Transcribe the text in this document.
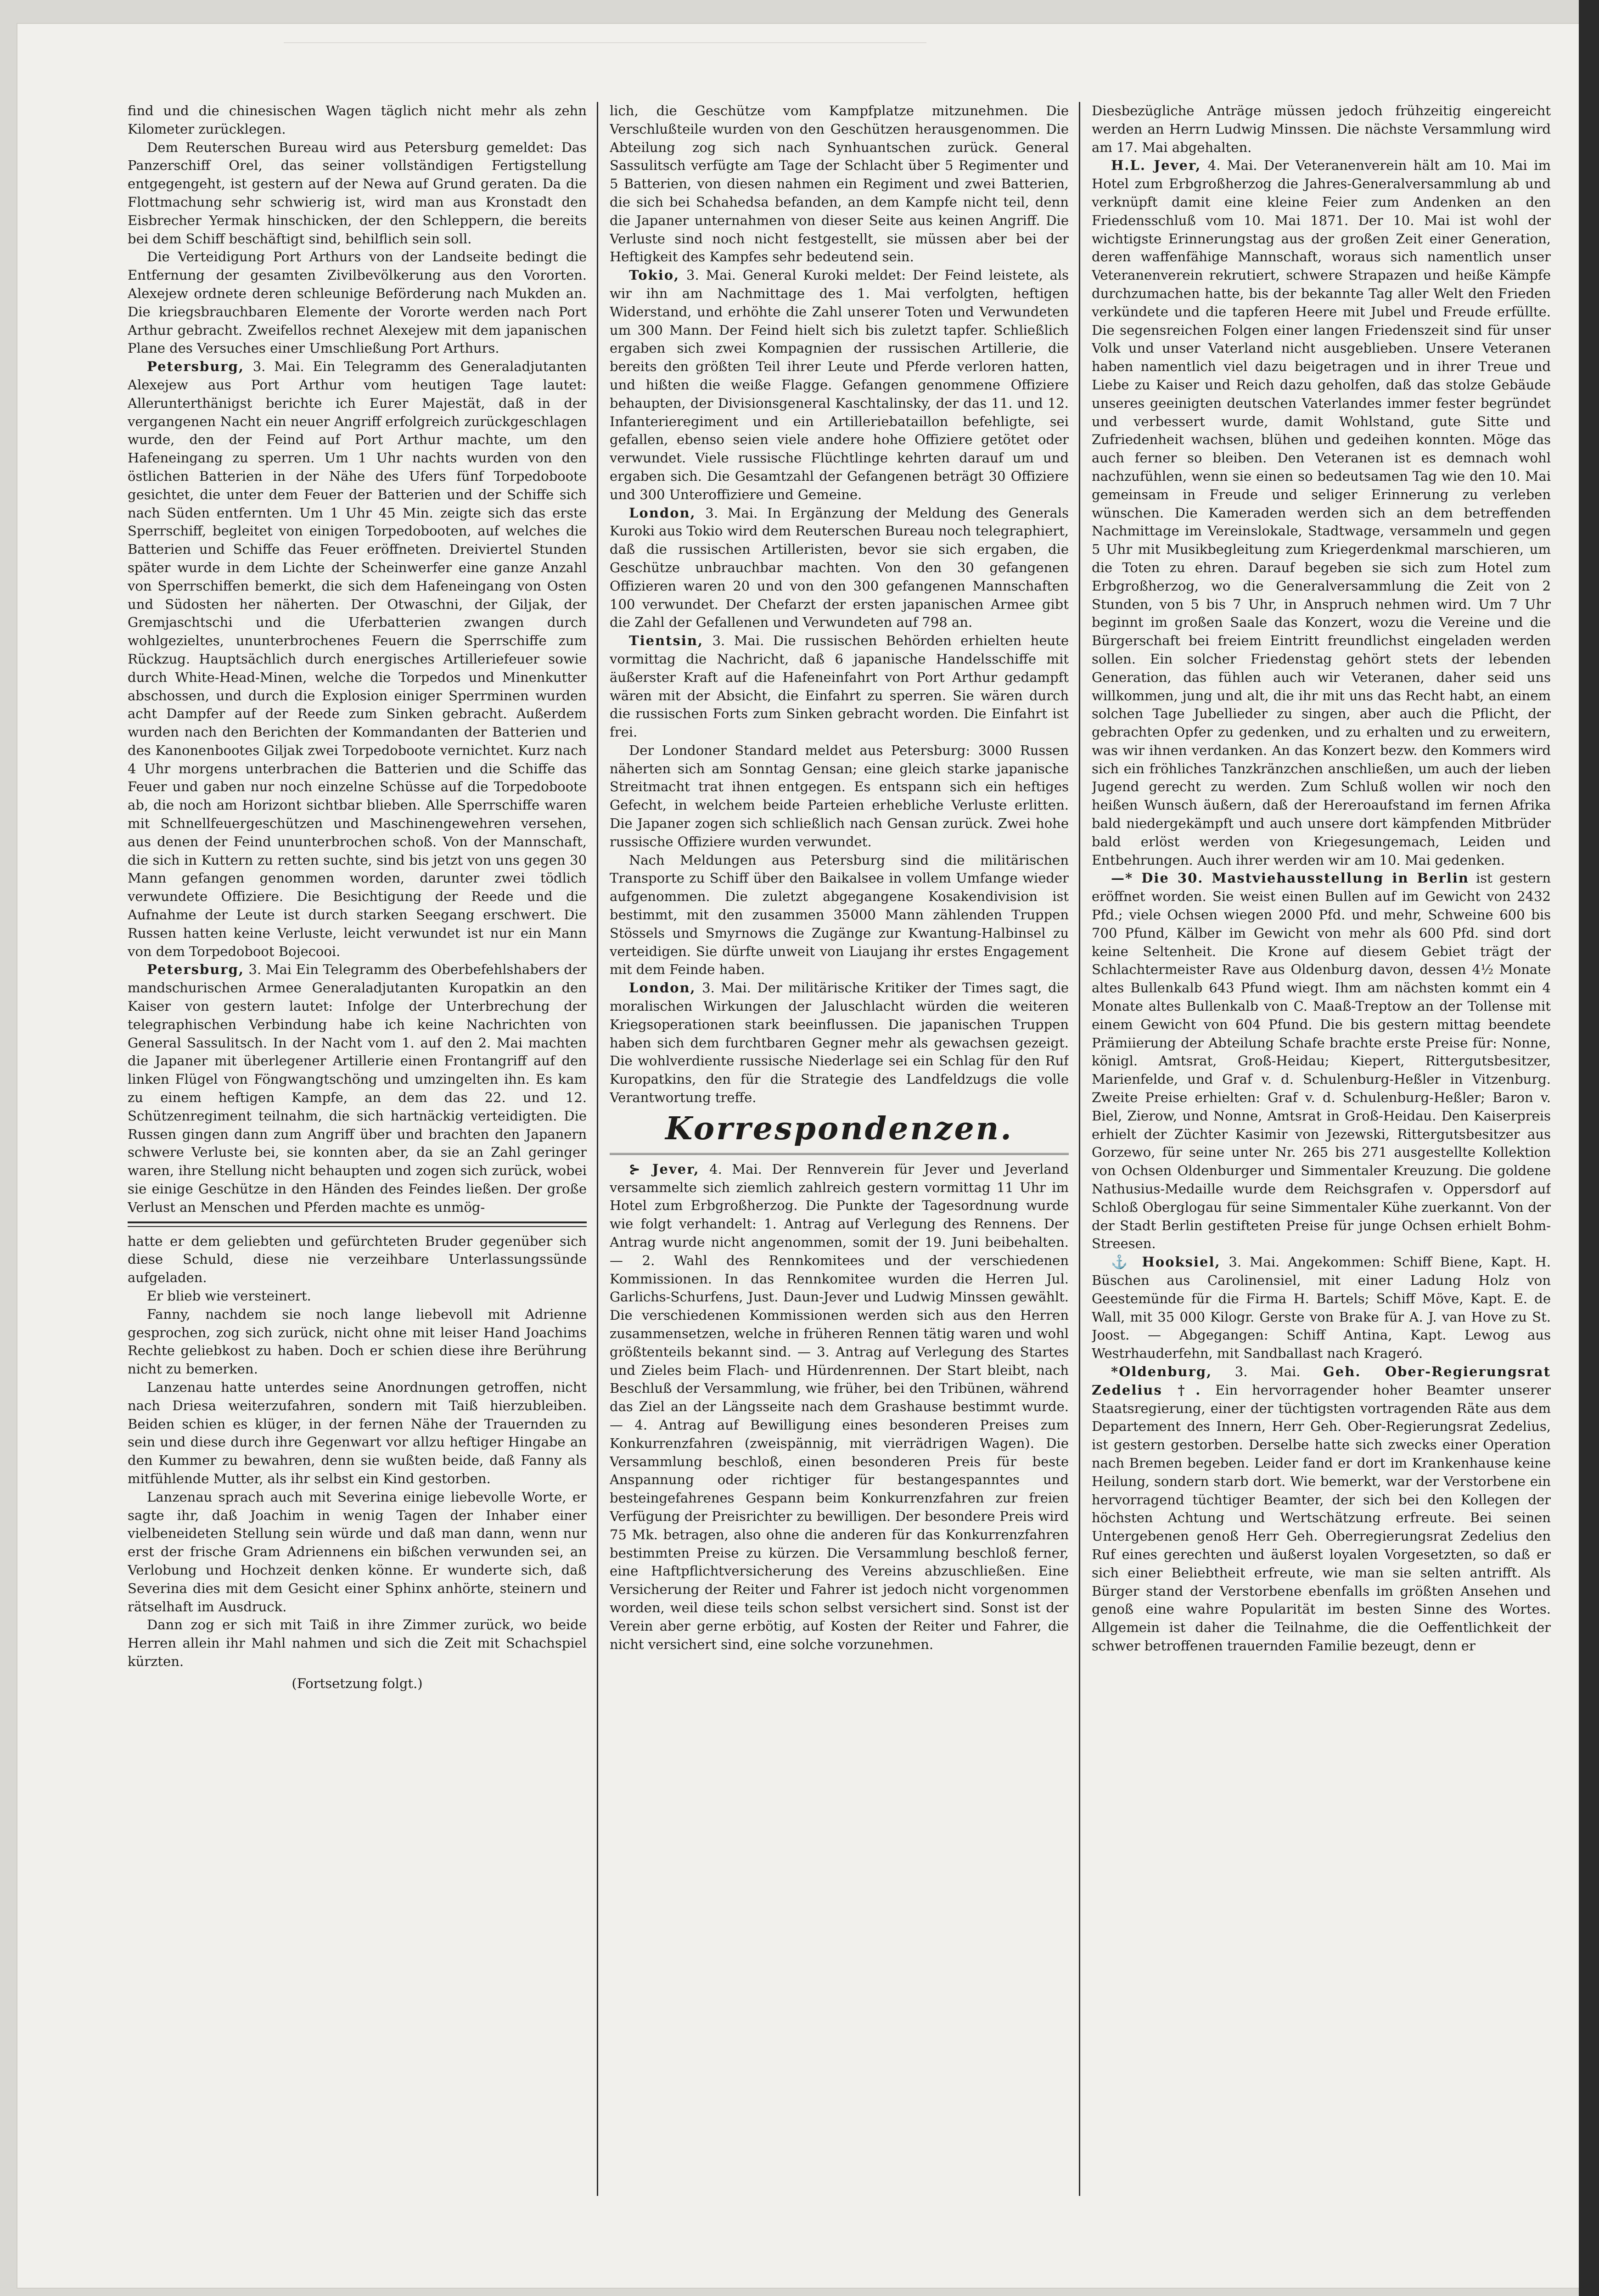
find und die chinesischen Wagen täglich nicht mehr als zehn Kilometer zurücklegen.

Dem Reuterschen Bureau wird aus Petersburg gemeldet: Das Panzerschiff Orel, das seiner vollständigen Fertigstellung entgegengeht, ist gestern auf der Newa auf Grund geraten. Da die Flottmachung sehr schwierig ist, wird man aus Kronstadt den Eisbrecher Yermak hinschicken, der den Schleppern, die bereits bei dem Schiff beschäftigt sind, behilflich sein soll.

Die Verteidigung Port Arthurs von der Landseite bedingt die Entfernung der gesamten Zivilbevölkerung aus den Vororten. Alexejew ordnete deren schleunige Beförderung nach Mukden an. Die kriegsbrauchbaren Elemente der Vororte werden nach Port Arthur gebracht. Zweifellos rechnet Alexejew mit dem japanischen Plane des Versuches einer Umschließung Port Arthurs.

Petersburg, 3. Mai. Ein Telegramm des Generaladjutanten Alexejew aus Port Arthur vom heutigen Tage lautet: Allerunterthänigst berichte ich Eurer Majestät, daß in der vergangenen Nacht ein neuer Angriff erfolgreich zurückgeschlagen wurde, den der Feind auf Port Arthur machte, um den Hafeneingang zu sperren. Um 1 Uhr nachts wurden von den östlichen Batterien in der Nähe des Ufers fünf Torpedoboote gesichtet, die unter dem Feuer der Batterien und der Schiffe sich nach Süden entfernten. Um 1 Uhr 45 Min. zeigte sich das erste Sperrschiff, begleitet von einigen Torpedobooten, auf welches die Batterien und Schiffe das Feuer eröffneten. Dreiviertel Stunden später wurde in dem Lichte der Scheinwerfer eine ganze Anzahl von Sperrschiffen bemerkt, die sich dem Hafeneingang von Osten und Südosten her näherten. Der Otwaschni, der Giljak, der Gremjaschtschi und die Uferbatterien zwangen durch wohlgezieltes, ununterbrochenes Feuern die Sperrschiffe zum Rückzug. Hauptsächlich durch energisches Artilleriefeuer sowie durch White-Head-Minen, welche die Torpedos und Minenkutter abschossen, und durch die Explosion einiger Sperrminen wurden acht Dampfer auf der Reede zum Sinken gebracht. Außerdem wurden nach den Berichten der Kommandanten der Batterien und des Kanonenbootes Giljak zwei Torpedoboote vernichtet. Kurz nach 4 Uhr morgens unterbrachen die Batterien und die Schiffe das Feuer und gaben nur noch einzelne Schüsse auf die Torpedoboote ab, die noch am Horizont sichtbar blieben. Alle Sperrschiffe waren mit Schnellfeuergeschützen und Maschinengewehren versehen, aus denen der Feind ununterbrochen schoß. Von der Mannschaft, die sich in Kuttern zu retten suchte, sind bis jetzt von uns gegen 30 Mann gefangen genommen worden, darunter zwei tödlich verwundete Offiziere. Die Besichtigung der Reede und die Aufnahme der Leute ist durch starken Seegang erschwert. Die Russen hatten keine Verluste, leicht verwundet ist nur ein Mann von dem Torpedoboot Bojecooi.

Petersburg, 3. Mai Ein Telegramm des Oberbefehlshabers der mandschurischen Armee Generaladjutanten Kuropatkin an den Kaiser von gestern lautet: Infolge der Unterbrechung der telegraphischen Verbindung habe ich keine Nachrichten von General Sassulitsch. In der Nacht vom 1. auf den 2. Mai machten die Japaner mit überlegener Artillerie einen Frontangriff auf den linken Flügel von Föngwangtschöng und umzingelten ihn. Es kam zu einem heftigen Kampfe, an dem das 22. und 12. Schützenregiment teilnahm, die sich hartnäckig verteidigten. Die Russen gingen dann zum Angriff über und brachten den Japanern schwere Verluste bei, sie konnten aber, da sie an Zahl geringer waren, ihre Stellung nicht behaupten und zogen sich zurück, wobei sie einige Geschütze in den Händen des Feindes ließen. Der große Verlust an Menschen und Pferden machte es unmög-

hatte er dem geliebten und gefürchteten Bruder gegenüber sich diese Schuld, diese nie verzeihbare Unterlassungssünde aufgeladen.

Er blieb wie versteinert.

Fanny, nachdem sie noch lange liebevoll mit Adrienne gesprochen, zog sich zurück, nicht ohne mit leiser Hand Joachims Rechte geliebkost zu haben. Doch er schien diese ihre Berührung nicht zu bemerken.

Lanzenau hatte unterdes seine Anordnungen getroffen, nicht nach Driesa weiterzufahren, sondern mit Taiß hierzubleiben. Beiden schien es klüger, in der fernen Nähe der Trauernden zu sein und diese durch ihre Gegenwart vor allzu heftiger Hingabe an den Kummer zu bewahren, denn sie wußten beide, daß Fanny als mitfühlende Mutter, als ihr selbst ein Kind gestorben.

Lanzenau sprach auch mit Severina einige liebevolle Worte, er sagte ihr, daß Joachim in wenig Tagen der Inhaber einer vielbeneideten Stellung sein würde und daß man dann, wenn nur erst der frische Gram Adriennens ein bißchen verwunden sei, an Verlobung und Hochzeit denken könne. Er wunderte sich, daß Severina dies mit dem Gesicht einer Sphinx anhörte, steinern und rätselhaft im Ausdruck.

Dann zog er sich mit Taiß in ihre Zimmer zurück, wo beide Herren allein ihr Mahl nahmen und sich die Zeit mit Schachspiel kürzten.

(Fortsetzung folgt.)

lich, die Geschütze vom Kampfplatze mitzunehmen. Die Verschlußteile wurden von den Geschützen herausgenommen. Die Abteilung zog sich nach Synhuantschen zurück. General Sassulitsch verfügte am Tage der Schlacht über 5 Regimenter und 5 Batterien, von diesen nahmen ein Regiment und zwei Batterien, die sich bei Schahedsa befanden, an dem Kampfe nicht teil, denn die Japaner unternahmen von dieser Seite aus keinen Angriff. Die Verluste sind noch nicht festgestellt, sie müssen aber bei der Heftigkeit des Kampfes sehr bedeutend sein.

Tokio, 3. Mai. General Kuroki meldet: Der Feind leistete, als wir ihn am Nachmittage des 1. Mai verfolgten, heftigen Widerstand, und erhöhte die Zahl unserer Toten und Verwundeten um 300 Mann. Der Feind hielt sich bis zuletzt tapfer. Schließlich ergaben sich zwei Kompagnien der russischen Artillerie, die bereits den größten Teil ihrer Leute und Pferde verloren hatten, und hißten die weiße Flagge. Gefangen genommene Offiziere behaupten, der Divisionsgeneral Kaschtalinsky, der das 11. und 12. Infanterieregiment und ein Artilleriebataillon befehligte, sei gefallen, ebenso seien viele andere hohe Offiziere getötet oder verwundet. Viele russische Flüchtlinge kehrten darauf um und ergaben sich. Die Gesamtzahl der Gefangenen beträgt 30 Offiziere und 300 Unteroffiziere und Gemeine.

London, 3. Mai. In Ergänzung der Meldung des Generals Kuroki aus Tokio wird dem Reuterschen Bureau noch telegraphiert, daß die russischen Artilleristen, bevor sie sich ergaben, die Geschütze unbrauchbar machten. Von den 30 gefangenen Offizieren waren 20 und von den 300 gefangenen Mannschaften 100 verwundet. Der Chefarzt der ersten japanischen Armee gibt die Zahl der Gefallenen und Verwundeten auf 798 an.

Tientsin, 3. Mai. Die russischen Behörden erhielten heute vormittag die Nachricht, daß 6 japanische Handelsschiffe mit äußerster Kraft auf die Hafeneinfahrt von Port Arthur gedampft wären mit der Absicht, die Einfahrt zu sperren. Sie wären durch die russischen Forts zum Sinken gebracht worden. Die Einfahrt ist frei.

Der Londoner Standard meldet aus Petersburg: 3000 Russen näherten sich am Sonntag Gensan; eine gleich starke japanische Streitmacht trat ihnen entgegen. Es entspann sich ein heftiges Gefecht, in welchem beide Parteien erhebliche Verluste erlitten. Die Japaner zogen sich schließlich nach Gensan zurück. Zwei hohe russische Offiziere wurden verwundet.

Nach Meldungen aus Petersburg sind die militärischen Transporte zu Schiff über den Baikalsee in vollem Umfange wieder aufgenommen. Die zuletzt abgegangene Kosakendivision ist bestimmt, mit den zusammen 35000 Mann zählenden Truppen Stössels und Smyrnows die Zugänge zur Kwantung-Halbinsel zu verteidigen. Sie dürfte unweit von Liaujang ihr erstes Engagement mit dem Feinde haben.

London, 3. Mai. Der militärische Kritiker der Times sagt, die moralischen Wirkungen der Jaluschlacht würden die weiteren Kriegsoperationen stark beeinflussen. Die japanischen Truppen haben sich dem furchtbaren Gegner mehr als gewachsen gezeigt. Die wohlverdiente russische Niederlage sei ein Schlag für den Ruf Kuropatkins, den für die Strategie des Landfeldzugs die volle Verantwortung treffe.

Korrespondenzen.

⊱ Jever, 4. Mai. Der Rennverein für Jever und Jeverland versammelte sich ziemlich zahlreich gestern vormittag 11 Uhr im Hotel zum Erbgroßherzog. Die Punkte der Tagesordnung wurde wie folgt verhandelt: 1. Antrag auf Verlegung des Rennens. Der Antrag wurde nicht angenommen, somit der 19. Juni beibehalten. — 2. Wahl des Rennkomitees und der verschiedenen Kommissionen. In das Rennkomitee wurden die Herren Jul. Garlichs-Schurfens, Just. Daun-Jever und Ludwig Minssen gewählt. Die verschiedenen Kommissionen werden sich aus den Herren zusammensetzen, welche in früheren Rennen tätig waren und wohl größtenteils bekannt sind. — 3. Antrag auf Verlegung des Startes und Zieles beim Flach- und Hürdenrennen. Der Start bleibt, nach Beschluß der Versammlung, wie früher, bei den Tribünen, während das Ziel an der Längsseite nach dem Grashause bestimmt wurde. — 4. Antrag auf Bewilligung eines besonderen Preises zum Konkurrenzfahren (zweispännig, mit vierrädrigen Wagen). Die Versammlung beschloß, einen besonderen Preis für beste Anspannung oder richtiger für bestangespanntes und besteingefahrenes Gespann beim Konkurrenzfahren zur freien Verfügung der Preisrichter zu bewilligen. Der besondere Preis wird 75 Mk. betragen, also ohne die anderen für das Konkurrenzfahren bestimmten Preise zu kürzen. Die Versammlung beschloß ferner, eine Haftpflichtversicherung des Vereins abzuschließen. Eine Versicherung der Reiter und Fahrer ist jedoch nicht vorgenommen worden, weil diese teils schon selbst versichert sind. Sonst ist der Verein aber gerne erbötig, auf Kosten der Reiter und Fahrer, die nicht versichert sind, eine solche vorzunehmen.

Diesbezügliche Anträge müssen jedoch frühzeitig eingereicht werden an Herrn Ludwig Minssen. Die nächste Versammlung wird am 17. Mai abgehalten.

H.L. Jever, 4. Mai. Der Veteranenverein hält am 10. Mai im Hotel zum Erbgroßherzog die Jahres-Generalversammlung ab und verknüpft damit eine kleine Feier zum Andenken an den Friedensschluß vom 10. Mai 1871. Der 10. Mai ist wohl der wichtigste Erinnerungstag aus der großen Zeit einer Generation, deren waffenfähige Mannschaft, woraus sich namentlich unser Veteranenverein rekrutiert, schwere Strapazen und heiße Kämpfe durchzumachen hatte, bis der bekannte Tag aller Welt den Frieden verkündete und die tapferen Heere mit Jubel und Freude erfüllte. Die segensreichen Folgen einer langen Friedenszeit sind für unser Volk und unser Vaterland nicht ausgeblieben. Unsere Veteranen haben namentlich viel dazu beigetragen und in ihrer Treue und Liebe zu Kaiser und Reich dazu geholfen, daß das stolze Gebäude unseres geeinigten deutschen Vaterlandes immer fester begründet und verbessert wurde, damit Wohlstand, gute Sitte und Zufriedenheit wachsen, blühen und gedeihen konnten. Möge das auch ferner so bleiben. Den Veteranen ist es demnach wohl nachzufühlen, wenn sie einen so bedeutsamen Tag wie den 10. Mai gemeinsam in Freude und seliger Erinnerung zu verleben wünschen. Die Kameraden werden sich an dem betreffenden Nachmittage im Vereinslokale, Stadtwage, versammeln und gegen 5 Uhr mit Musikbegleitung zum Kriegerdenkmal marschieren, um die Toten zu ehren. Darauf begeben sie sich zum Hotel zum Erbgroßherzog, wo die Generalversammlung die Zeit von 2 Stunden, von 5 bis 7 Uhr, in Anspruch nehmen wird. Um 7 Uhr beginnt im großen Saale das Konzert, wozu die Vereine und die Bürgerschaft bei freiem Eintritt freundlichst eingeladen werden sollen. Ein solcher Friedenstag gehört stets der lebenden Generation, das fühlen auch wir Veteranen, daher seid uns willkommen, jung und alt, die ihr mit uns das Recht habt, an einem solchen Tage Jubellieder zu singen, aber auch die Pflicht, der gebrachten Opfer zu gedenken, und zu erhalten und zu erweitern, was wir ihnen verdanken. An das Konzert bezw. den Kommers wird sich ein fröhliches Tanzkränzchen anschließen, um auch der lieben Jugend gerecht zu werden. Zum Schluß wollen wir noch den heißen Wunsch äußern, daß der Hereroaufstand im fernen Afrika bald niedergekämpft und auch unsere dort kämpfenden Mitbrüder bald erlöst werden von Kriegesungemach, Leiden und Entbehrungen. Auch ihrer werden wir am 10. Mai gedenken.

—* Die 30. Mastviehausstellung in Berlin ist gestern eröffnet worden. Sie weist einen Bullen auf im Gewicht von 2432 Pfd.; viele Ochsen wiegen 2000 Pfd. und mehr, Schweine 600 bis 700 Pfund, Kälber im Gewicht von mehr als 600 Pfd. sind dort keine Seltenheit. Die Krone auf diesem Gebiet trägt der Schlachtermeister Rave aus Oldenburg davon, dessen 4½ Monate altes Bullenkalb 643 Pfund wiegt. Ihm am nächsten kommt ein 4 Monate altes Bullenkalb von C. Maaß-Treptow an der Tollense mit einem Gewicht von 604 Pfund. Die bis gestern mittag beendete Prämiierung der Abteilung Schafe brachte erste Preise für: Nonne, königl. Amtsrat, Groß-Heidau; Kiepert, Rittergutsbesitzer, Marienfelde, und Graf v. d. Schulenburg-Heßler in Vitzenburg. Zweite Preise erhielten: Graf v. d. Schulenburg-Heßler; Baron v. Biel, Zierow, und Nonne, Amtsrat in Groß-Heidau. Den Kaiserpreis erhielt der Züchter Kasimir von Jezewski, Rittergutsbesitzer aus Gorzewo, für seine unter Nr. 265 bis 271 ausgestellte Kollektion von Ochsen Oldenburger und Simmentaler Kreuzung. Die goldene Nathusius-Medaille wurde dem Reichsgrafen v. Oppersdorf auf Schloß Oberglogau für seine Simmentaler Kühe zuerkannt. Von der der Stadt Berlin gestifteten Preise für junge Ochsen erhielt Bohm-Streesen.

⚓ Hooksiel, 3. Mai. Angekommen: Schiff Biene, Kapt. H. Büschen aus Carolinensiel, mit einer Ladung Holz von Geestemünde für die Firma H. Bartels; Schiff Möve, Kapt. E. de Wall, mit 35 000 Kilogr. Gerste von Brake für A. J. van Hove zu St. Joost. — Abgegangen: Schiff Antina, Kapt. Lewog aus Westrhauderfehn, mit Sandballast nach Krageró.

*Oldenburg, 3. Mai. Geh. Ober-Regierungsrat Zedelius †. Ein hervorragender hoher Beamter unserer Staatsregierung, einer der tüchtigsten vortragenden Räte aus dem Departement des Innern, Herr Geh. Ober-Regierungsrat Zedelius, ist gestern gestorben. Derselbe hatte sich zwecks einer Operation nach Bremen begeben. Leider fand er dort im Krankenhause keine Heilung, sondern starb dort. Wie bemerkt, war der Verstorbene ein hervorragend tüchtiger Beamter, der sich bei den Kollegen der höchsten Achtung und Wertschätzung erfreute. Bei seinen Untergebenen genoß Herr Geh. Oberregierungsrat Zedelius den Ruf eines gerechten und äußerst loyalen Vorgesetzten, so daß er sich einer Beliebtheit erfreute, wie man sie selten antrifft. Als Bürger stand der Verstorbene ebenfalls im größten Ansehen und genoß eine wahre Popularität im besten Sinne des Wortes. Allgemein ist daher die Teilnahme, die die Oeffentlichkeit der schwer betroffenen trauernden Familie bezeugt, denn er
